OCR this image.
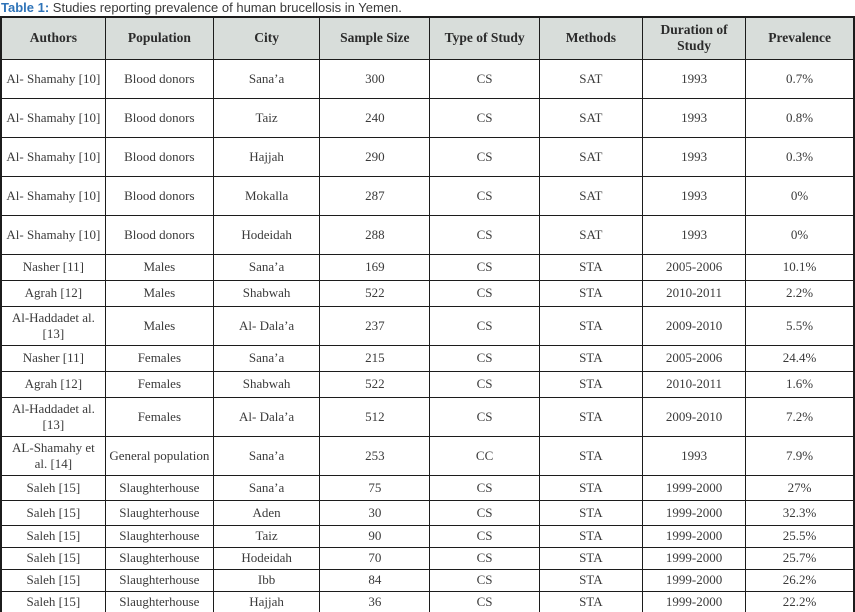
Table 1: Studies reporting prevalence of human brucellosis in Yemen.
Authors	Population	City	Sample Size	Type of Study	Methods	Duration of Study	Prevalence
Al- Shamahy [10]	Blood donors	Sana’a	300	CS	SAT	1993	0.7%
Al- Shamahy [10]	Blood donors	Taiz	240	CS	SAT	1993	0.8%
Al- Shamahy [10]	Blood donors	Hajjah	290	CS	SAT	1993	0.3%
Al- Shamahy [10]	Blood donors	Mokalla	287	CS	SAT	1993	0%
Al- Shamahy [10]	Blood donors	Hodeidah	288	CS	SAT	1993	0%
Nasher [11]	Males	Sana’a	169	CS	STA	2005-2006	10.1%
Agrah [12]	Males	Shabwah	522	CS	STA	2010-2011	2.2%
Al-Haddadet al. [13]	Males	Al- Dala’a	237	CS	STA	2009-2010	5.5%
Nasher [11]	Females	Sana’a	215	CS	STA	2005-2006	24.4%
Agrah [12]	Females	Shabwah	522	CS	STA	2010-2011	1.6%
Al-Haddadet al. [13]	Females	Al- Dala’a	512	CS	STA	2009-2010	7.2%
AL-Shamahy et al. [14]	General population	Sana’a	253	CC	STA	1993	7.9%
Saleh [15]	Slaughterhouse	Sana’a	75	CS	STA	1999-2000	27%
Saleh [15]	Slaughterhouse	Aden	30	CS	STA	1999-2000	32.3%
Saleh [15]	Slaughterhouse	Taiz	90	CS	STA	1999-2000	25.5%
Saleh [15]	Slaughterhouse	Hodeidah	70	CS	STA	1999-2000	25.7%
Saleh [15]	Slaughterhouse	Ibb	84	CS	STA	1999-2000	26.2%
Saleh [15]	Slaughterhouse	Hajjah	36	CS	STA	1999-2000	22.2%
